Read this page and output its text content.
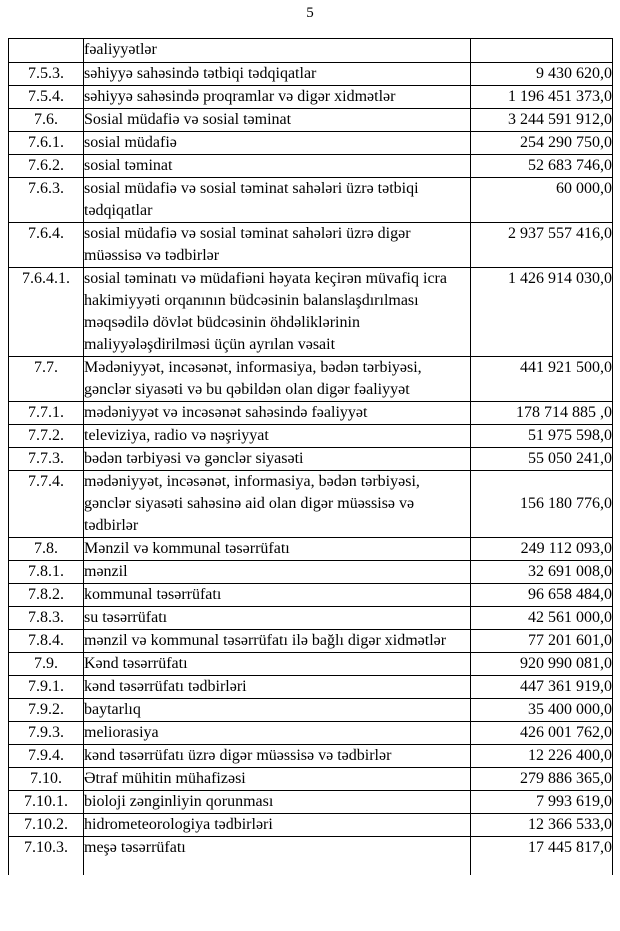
5
	fəaliyyətlər	
7.5.3.	səhiyyə sahəsində tətbiqi tədqiqatlar	9 430 620,0
7.5.4.	səhiyyə sahəsində proqramlar və digər xidmətlər	1 196 451 373,0
7.6.	Sosial müdafiə və sosial təminat	3 244 591 912,0
7.6.1.	sosial müdafiə	254 290 750,0
7.6.2.	sosial təminat	52 683 746,0
7.6.3.	sosial müdafiə və sosial təminat sahələri üzrə tətbiqi tədqiqatlar	60 000,0
7.6.4.	sosial müdafiə və sosial təminat sahələri üzrə digər müəssisə və tədbirlər	2 937 557 416,0
7.6.4.1.	sosial təminatı və müdafiəni həyata keçirən müvafiq icra hakimiyyəti orqanının büdcəsinin balanslaşdırılması məqsədilə dövlət büdcəsinin öhdəliklərinin maliyyələşdirilməsi üçün ayrılan vəsait	1 426 914 030,0
7.7.	Mədəniyyət, incəsənət, informasiya, bədən tərbiyəsi, gənclər siyasəti və bu qəbildən olan digər fəaliyyət	441 921 500,0
7.7.1.	mədəniyyət və incəsənət sahəsində fəaliyyət	178 714 885 ,0
7.7.2.	televiziya, radio və nəşriyyat	51 975 598,0
7.7.3.	bədən tərbiyəsi və gənclər siyasəti	55 050 241,0
7.7.4.	mədəniyyət, incəsənət, informasiya, bədən tərbiyəsi, gənclər siyasəti sahəsinə aid olan digər müəssisə və tədbirlər	156 180 776,0
7.8.	Mənzil və kommunal təsərrüfatı	249 112 093,0
7.8.1.	mənzil	32 691 008,0
7.8.2.	kommunal təsərrüfatı	96 658 484,0
7.8.3.	su təsərrüfatı	42 561 000,0
7.8.4.	mənzil və kommunal təsərrüfatı ilə bağlı digər xidmətlər	77 201 601,0
7.9.	Kənd təsərrüfatı	920 990 081,0
7.9.1.	kənd təsərrüfatı tədbirləri	447 361 919,0
7.9.2.	baytarlıq	35 400 000,0
7.9.3.	meliorasiya	426 001 762,0
7.9.4.	kənd təsərrüfatı üzrə digər müəssisə və tədbirlər	12 226 400,0
7.10.	Ətraf mühitin mühafizəsi	279 886 365,0
7.10.1.	bioloji zənginliyin qorunması	7 993 619,0
7.10.2.	hidrometeorologiya tədbirləri	12 366 533,0
7.10.3.	meşə təsərrüfatı	17 445 817,0
